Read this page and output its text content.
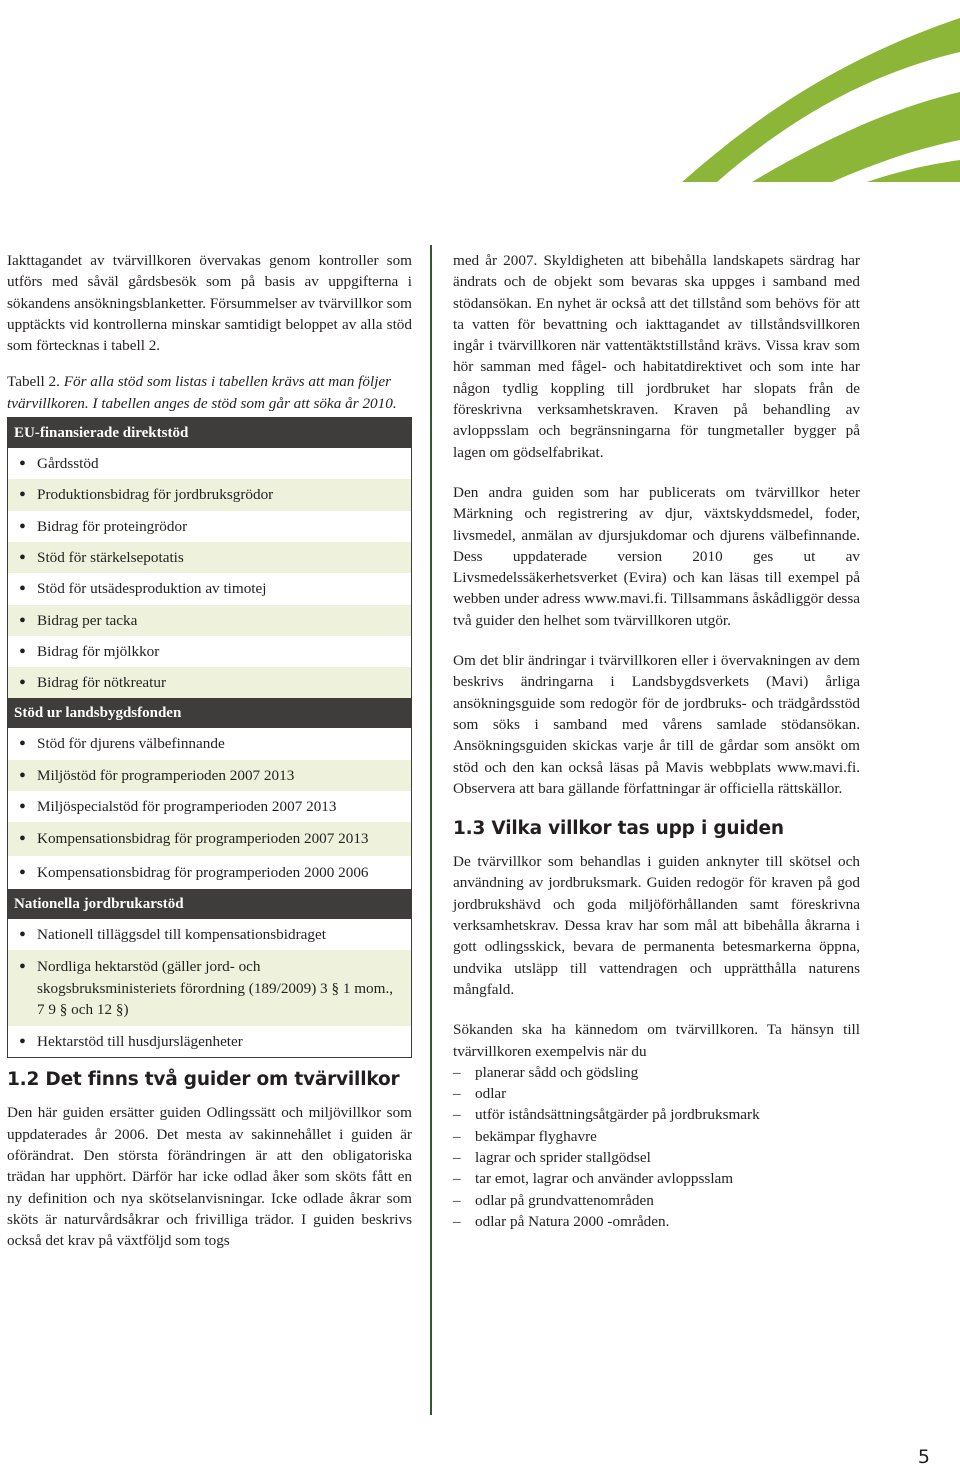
Iakttagandet av tvärvillkoren övervakas genom kontroller som utförs med såväl gårdsbesök som på basis av uppgifterna i sökandens ansökningsblanketter. Försummelser av tvärvillkor som upptäckts vid kontrollerna minskar samtidigt beloppet av alla stöd som förtecknas i tabell 2.

Tabell 2. För alla stöd som listas i tabellen krävs att man följer tvärvillkoren. I tabellen anges de stöd som går att söka år 2010.

EU-finansierade direktstöd
● Gårdsstöd
● Produktionsbidrag för jordbruksgrödor
● Bidrag för proteingrödor
● Stöd för stärkelsepotatis
● Stöd för utsädesproduktion av timotej
● Bidrag per tacka
● Bidrag för mjölkkor
● Bidrag för nötkreatur
Stöd ur landsbygdsfonden
● Stöd för djurens välbefinnande
● Miljöstöd för programperioden 2007 2013
● Miljöspecialstöd för programperioden 2007 2013
● Kompensationsbidrag för programperioden 2007 2013
● Kompensationsbidrag för programperioden 2000 2006
Nationella jordbrukarstöd
● Nationell tilläggsdel till kompensationsbidraget
● Nordliga hektarstöd (gäller jord- och skogsbruksministeriets förordning (189/2009) 3 § 1 mom., 7 9 § och 12 §)
● Hektarstöd till husdjurslägenheter
1.2 Det finns två guider om tvärvillkor

Den här guiden ersätter guiden Odlingssätt och miljövillkor som uppdaterades år 2006. Det mesta av sakinnehållet i guiden är oförändrat. Den största förändringen är att den obligatoriska trädan har upphört. Därför har icke odlad åker som sköts fått en ny definition och nya skötselanvisningar. Icke odlade åkrar som sköts är naturvårdsåkrar och frivilliga trädor. I guiden beskrivs också det krav på växtföljd som togs

med år 2007. Skyldigheten att bibehålla landskapets särdrag har ändrats och de objekt som bevaras ska uppges i samband med stödansökan. En nyhet är också att det tillstånd som behövs för att ta vatten för bevattning och iakttagandet av tillståndsvillkoren ingår i tvärvillkoren när vattentäktstillstånd krävs. Vissa krav som hör samman med fågel- och habitatdirektivet och som inte har någon tydlig koppling till jordbruket har slopats från de föreskrivna verksamhetskraven. Kraven på behandling av avloppsslam och begränsningarna för tungmetaller bygger på lagen om gödselfabrikat.

Den andra guiden som har publicerats om tvärvillkor heter Märkning och registrering av djur, växtskyddsmedel, foder, livsmedel, anmälan av djursjukdomar och djurens välbefinnande. Dess uppdaterade version 2010 ges ut av Livsmedelssäkerhetsverket (Evira) och kan läsas till exempel på webben under adress www.mavi.fi. Tillsammans åskådliggör dessa två guider den helhet som tvärvillkoren utgör.

Om det blir ändringar i tvärvillkoren eller i övervakningen av dem beskrivs ändringarna i Landsbygdsverkets (Mavi) årliga ansökningsguide som redogör för de jordbruks- och trädgårdsstöd som söks i samband med vårens samlade stödansökan. Ansökningsguiden skickas varje år till de gårdar som ansökt om stöd och den kan också läsas på Mavis webbplats www.mavi.fi. Observera att bara gällande författningar är officiella rättskällor.

1.3 Vilka villkor tas upp i guiden

De tvärvillkor som behandlas i guiden anknyter till skötsel och användning av jordbruksmark. Guiden redogör för kraven på god jordbrukshävd och goda miljöförhållanden samt föreskrivna verksamhetskrav. Dessa krav har som mål att bibehålla åkrarna i gott odlingsskick, bevara de permanenta betesmarkerna öppna, undvika utsläpp till vattendragen och upprätthålla naturens mångfald.

Sökanden ska ha kännedom om tvärvillkoren. Ta hänsyn till tvärvillkoren exempelvis när du

– planerar sådd och gödsling
– odlar
– utför iståndsättningsåtgärder på jordbruksmark
– bekämpar flyghavre
– lagrar och sprider stallgödsel
– tar emot, lagrar och använder avloppsslam
– odlar på grundvattenområden
– odlar på Natura 2000 -områden.
5
